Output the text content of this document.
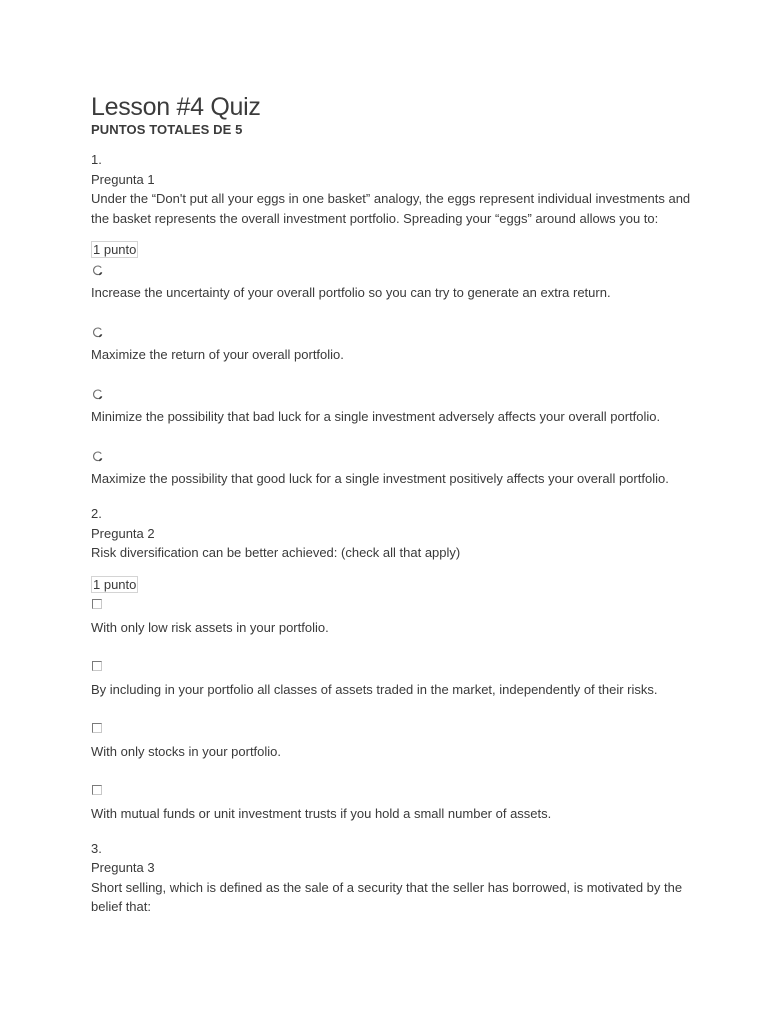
Lesson #4 Quiz
PUNTOS TOTALES DE 5
1.
Pregunta 1
Under the “Don't put all your eggs in one basket” analogy, the eggs represent individual investments and the basket represents the overall investment portfolio. Spreading your “eggs” around allows you to:
1 punto
Increase the uncertainty of your overall portfolio so you can try to generate an extra return.
Maximize the return of your overall portfolio.
Minimize the possibility that bad luck for a single investment adversely affects your overall portfolio.
Maximize the possibility that good luck for a single investment positively affects your overall portfolio.
2.
Pregunta 2
Risk diversification can be better achieved: (check all that apply)
1 punto
With only low risk assets in your portfolio.
By including in your portfolio all classes of assets traded in the market, independently of their risks.
With only stocks in your portfolio.
With mutual funds or unit investment trusts if you hold a small number of assets.
3.
Pregunta 3
Short selling, which is defined as the sale of a security that the seller has borrowed, is motivated by the belief that:
